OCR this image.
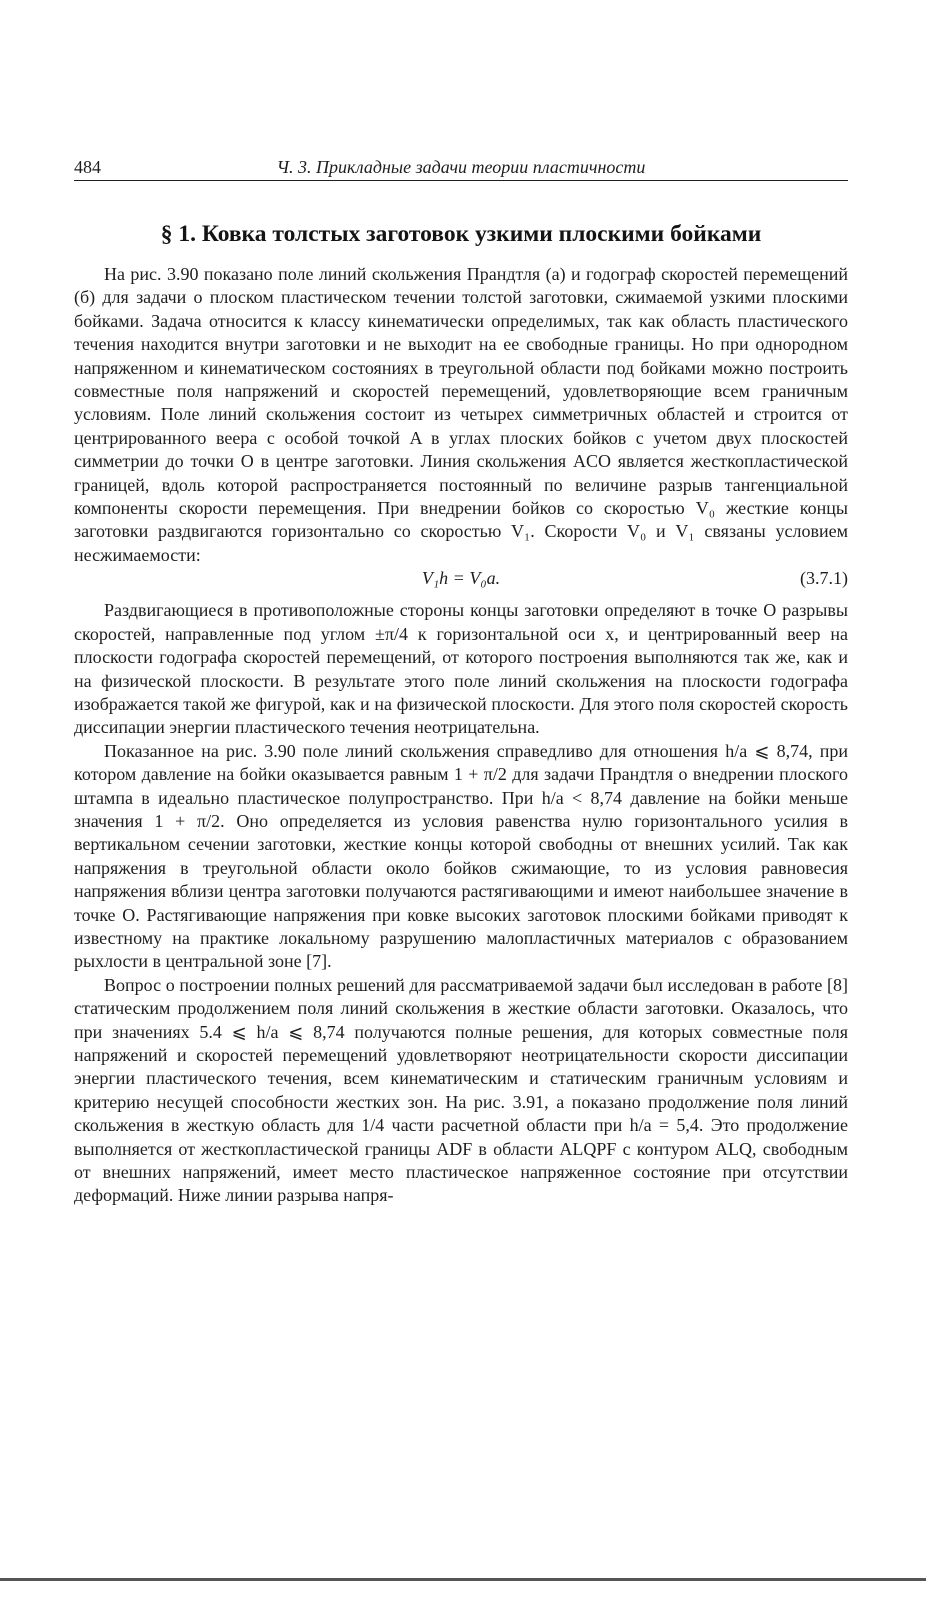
484	Ч. 3. Прикладные задачи теории пластичности
§ 1. Ковка толстых заготовок узкими плоскими бойками

На рис. 3.90 показано поле линий скольжения Прандтля (а) и годограф скоростей перемещений (б) для задачи о плоском пластическом течении толстой заготовки, сжимаемой узкими плоскими бойками. Задача относится к классу кинематически определимых, так как область пластического течения находится внутри заготовки и не выходит на ее свободные границы. Но при однородном напряженном и кинематическом состояниях в треугольной области под бойками можно построить совместные поля напряжений и скоростей перемещений, удовлетворяющие всем граничным условиям. Поле линий скольжения состоит из четырех симметричных областей и строится от центрированного веера с особой точкой A в углах плоских бойков с учетом двух плоскостей симметрии до точки O в центре заготовки. Линия скольжения ACO является жесткопластической границей, вдоль которой распространяется постоянный по величине разрыв тангенциальной компоненты скорости перемещения. При внедрении бойков со скоростью V₀ жесткие концы заготовки раздвигаются горизонтально со скоростью V₁. Скорости V₀ и V₁ связаны условием несжимаемости:

V₁h = V₀a.	(3.7.1)

Раздвигающиеся в противоположные стороны концы заготовки определяют в точке O разрывы скоростей, направленные под углом ±π/4 к горизонтальной оси x, и центрированный веер на плоскости годографа скоростей перемещений, от которого построения выполняются так же, как и на физической плоскости. В результате этого поле линий скольжения на плоскости годографа изображается такой же фигурой, как и на физической плоскости. Для этого поля скоростей скорость диссипации энергии пластического течения неотрицательна.

Показанное на рис. 3.90 поле линий скольжения справедливо для отношения h/a ⩽ 8,74, при котором давление на бойки оказывается равным 1 + π/2 для задачи Прандтля о внедрении плоского штампа в идеально пластическое полупространство. При h/a < 8,74 давление на бойки меньше значения 1 + π/2. Оно определяется из условия равенства нулю горизонтального усилия в вертикальном сечении заготовки, жесткие концы которой свободны от внешних усилий. Так как напряжения в треугольной области около бойков сжимающие, то из условия равновесия напряжения вблизи центра заготовки получаются растягивающими и имеют наибольшее значение в точке O. Растягивающие напряжения при ковке высоких заготовок плоскими бойками приводят к известному на практике локальному разрушению малопластичных материалов с образованием рыхлости в центральной зоне [7].

Вопрос о построении полных решений для рассматриваемой задачи был исследован в работе [8] статическим продолжением поля линий скольжения в жесткие области заготовки. Оказалось, что при значениях 5.4 ⩽ h/a ⩽ 8,74 получаются полные решения, для которых совместные поля напряжений и скоростей перемещений удовлетворяют неотрицательности скорости диссипации энергии пластического течения, всем кинематическим и статическим граничным условиям и критерию несущей способности жестких зон. На рис. 3.91, а показано продолжение поля линий скольжения в жесткую область для 1/4 части расчетной области при h/a = 5,4. Это продолжение выполняется от жесткопластической границы ADF в области ALQPF с контуром ALQ, свободным от внешних напряжений, имеет место пластическое напряженное состояние при отсутствии деформаций. Ниже линии разрыва напря-
